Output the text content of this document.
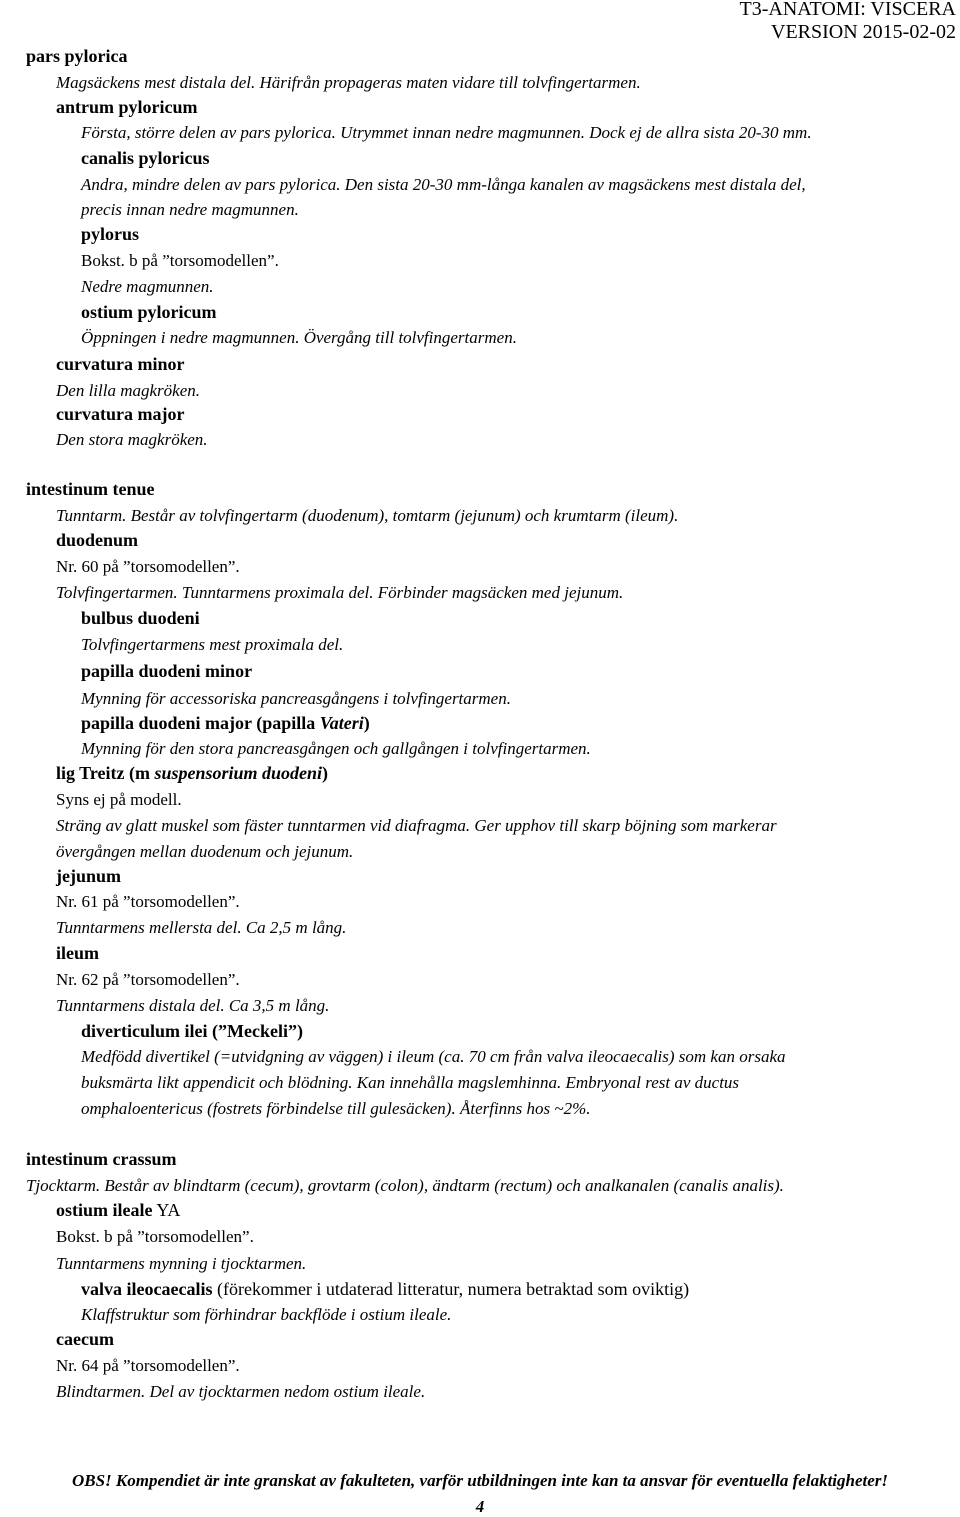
T3-ANATOMI: VISCERA
VERSION 2015-02-02
pars pylorica
Magsäckens mest distala del. Härifrån propageras maten vidare till tolvfingertarmen.
antrum pyloricum
Första, större delen av pars pylorica. Utrymmet innan nedre magmunnen. Dock ej de allra sista 20-30 mm.
canalis pyloricus
Andra, mindre delen av pars pylorica. Den sista 20-30 mm-långa kanalen av magsäckens mest distala del,
precis innan nedre magmunnen.
pylorus
Bokst. b på ”torsomodellen”.
Nedre magmunnen.
ostium pyloricum
Öppningen i nedre magmunnen. Övergång till tolvfingertarmen.
curvatura minor
Den lilla magkröken.
curvatura major
Den stora magkröken.
intestinum tenue
Tunntarm. Består av tolvfingertarm (duodenum), tomtarm (jejunum) och krumtarm (ileum).
duodenum
Nr. 60 på ”torsomodellen”.
Tolvfingertarmen. Tunntarmens proximala del. Förbinder magsäcken med jejunum.
bulbus duodeni
Tolvfingertarmens mest proximala del.
papilla duodeni minor
Mynning för accessoriska pancreasgångens i tolvfingertarmen.
papilla duodeni major (papilla Vateri)
Mynning för den stora pancreasgången och gallgången i tolvfingertarmen.
lig Treitz (m suspensorium duodeni)
Syns ej på modell.
Sträng av glatt muskel som fäster tunntarmen vid diafragma. Ger upphov till skarp böjning som markerar
övergången mellan duodenum och jejunum.
jejunum
Nr. 61 på ”torsomodellen”.
Tunntarmens mellersta del. Ca 2,5 m lång.
ileum
Nr. 62 på ”torsomodellen”.
Tunntarmens distala del. Ca 3,5 m lång.
diverticulum ilei (”Meckeli”)
Medfödd divertikel (=utvidgning av väggen) i ileum (ca. 70 cm från valva ileocaecalis) som kan orsaka
buksmärta likt appendicit och blödning. Kan innehålla magslemhinna. Embryonal rest av ductus
omphaloentericus (fostrets förbindelse till gulesäcken). Återfinns hos ~2%.
intestinum crassum
Tjocktarm. Består av blindtarm (cecum), grovtarm (colon), ändtarm (rectum) och analkanalen (canalis analis).
ostium ileale YA
Bokst. b på ”torsomodellen”.
Tunntarmens mynning i tjocktarmen.
valva ileocaecalis (förekommer i utdaterad litteratur, numera betraktad som oviktig)
Klaffstruktur som förhindrar backflöde i ostium ileale.
caecum
Nr. 64 på ”torsomodellen”.
Blindtarmen. Del av tjocktarmen nedom ostium ileale.
OBS! Kompendiet är inte granskat av fakulteten, varför utbildningen inte kan ta ansvar för eventuella felaktigheter!
4
